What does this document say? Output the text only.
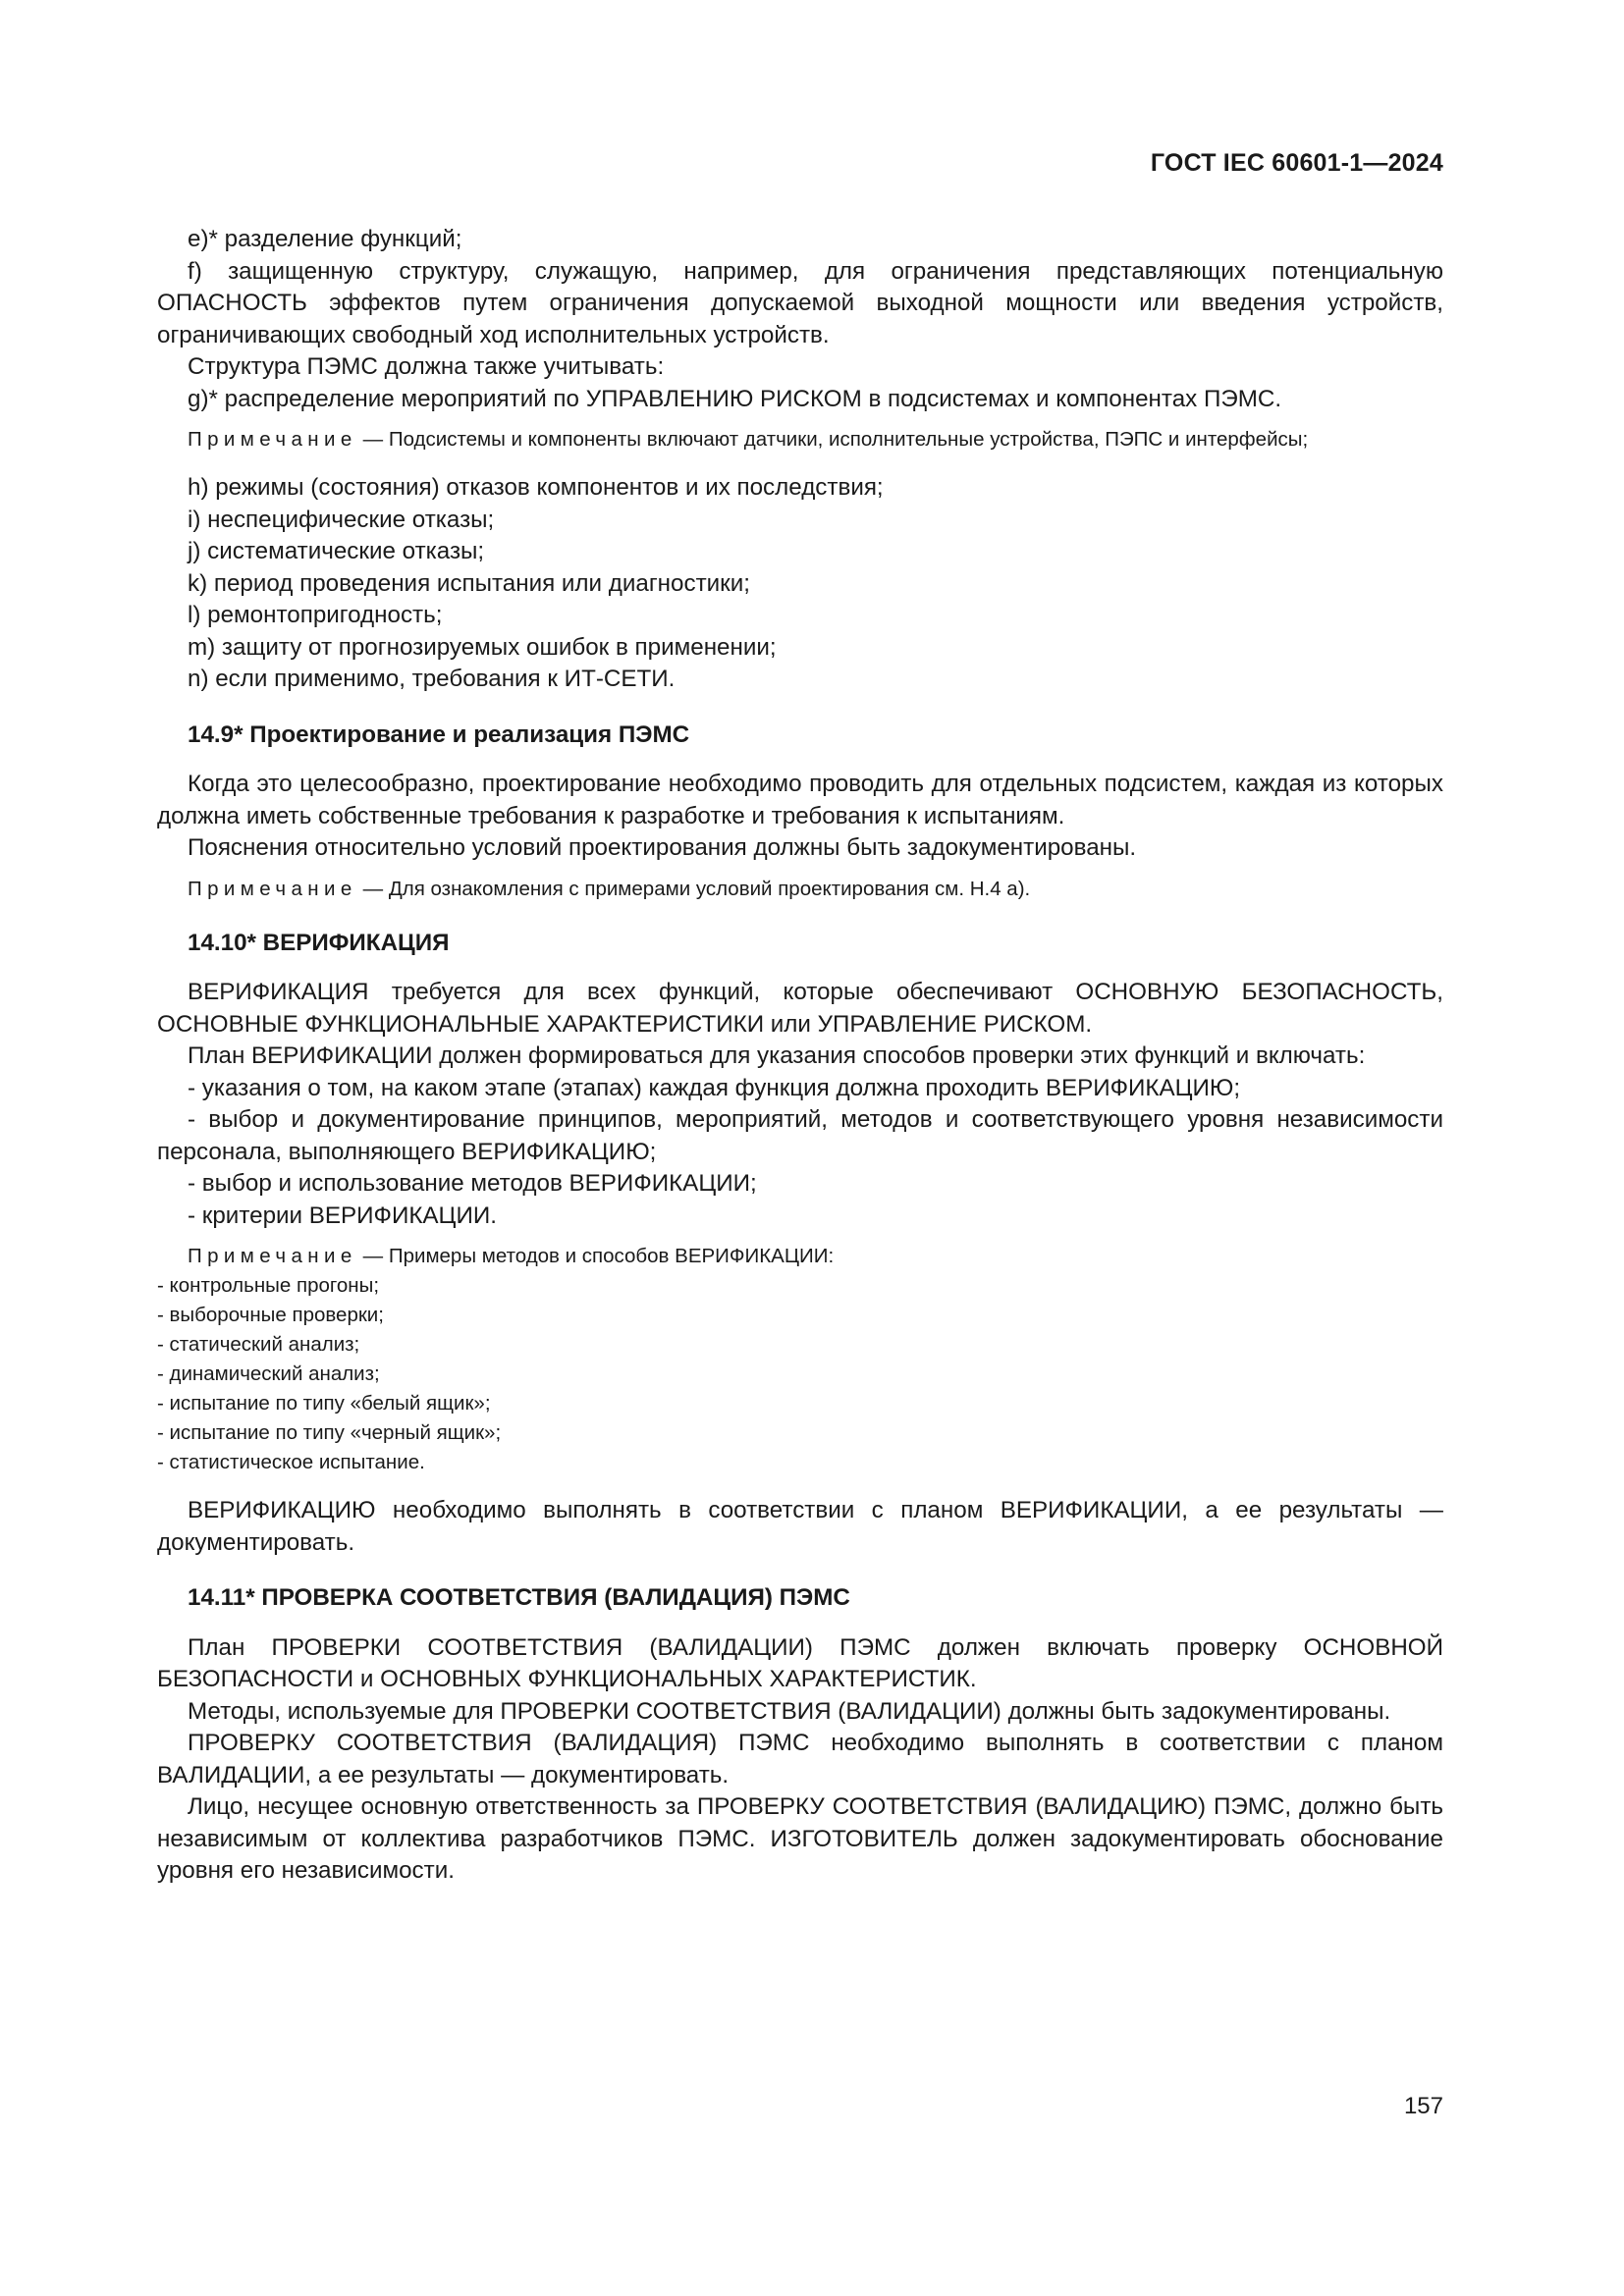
ГОСТ IEC 60601-1—2024

e)* разделение функций;

f) защищенную структуру, служащую, например, для ограничения представляющих потенциальную ОПАСНОСТЬ эффектов путем ограничения допускаемой выходной мощности или введения устройств, ограничивающих свободный ход исполнительных устройств.

Структура ПЭМС должна также учитывать:

g)* распределение мероприятий по УПРАВЛЕНИЮ РИСКОМ в подсистемах и компонентах ПЭМС.

Примечание — Подсистемы и компоненты включают датчики, исполнительные устройства, ПЭПС и интерфейсы;

h) режимы (состояния) отказов компонентов и их последствия;

i) неспецифические отказы;

j) систематические отказы;

k) период проведения испытания или диагностики;

l) ремонтопригодность;

m) защиту от прогнозируемых ошибок в применении;

n) если применимо, требования к ИТ-СЕТИ.

14.9* Проектирование и реализация ПЭМС

Когда это целесообразно, проектирование необходимо проводить для отдельных подсистем, каждая из которых должна иметь собственные требования к разработке и требования к испытаниям.

Пояснения относительно условий проектирования должны быть задокументированы.

Примечание — Для ознакомления с примерами условий проектирования см. Н.4 а).

14.10* ВЕРИФИКАЦИЯ

ВЕРИФИКАЦИЯ требуется для всех функций, которые обеспечивают ОСНОВНУЮ БЕЗОПАСНОСТЬ, ОСНОВНЫЕ ФУНКЦИОНАЛЬНЫЕ ХАРАКТЕРИСТИКИ или УПРАВЛЕНИЕ РИСКОМ.

План ВЕРИФИКАЦИИ должен формироваться для указания способов проверки этих функций и включать:

- указания о том, на каком этапе (этапах) каждая функция должна проходить ВЕРИФИКАЦИЮ;

- выбор и документирование принципов, мероприятий, методов и соответствующего уровня независимости персонала, выполняющего ВЕРИФИКАЦИЮ;

- выбор и использование методов ВЕРИФИКАЦИИ;

- критерии ВЕРИФИКАЦИИ.

Примечание — Примеры методов и способов ВЕРИФИКАЦИИ:

- контрольные прогоны;

- выборочные проверки;

- статический анализ;

- динамический анализ;

- испытание по типу «белый ящик»;

- испытание по типу «черный ящик»;

- статистическое испытание.

ВЕРИФИКАЦИЮ необходимо выполнять в соответствии с планом ВЕРИФИКАЦИИ, а ее результаты — документировать.

14.11* ПРОВЕРКА СООТВЕТСТВИЯ (ВАЛИДАЦИЯ) ПЭМС

План ПРОВЕРКИ СООТВЕТСТВИЯ (ВАЛИДАЦИИ) ПЭМС должен включать проверку ОСНОВНОЙ БЕЗОПАСНОСТИ и ОСНОВНЫХ ФУНКЦИОНАЛЬНЫХ ХАРАКТЕРИСТИК.

Методы, используемые для ПРОВЕРКИ СООТВЕТСТВИЯ (ВАЛИДАЦИИ) должны быть задокументированы.

ПРОВЕРКУ СООТВЕТСТВИЯ (ВАЛИДАЦИЯ) ПЭМС необходимо выполнять в соответствии с планом ВАЛИДАЦИИ, а ее результаты — документировать.

Лицо, несущее основную ответственность за ПРОВЕРКУ СООТВЕТСТВИЯ (ВАЛИДАЦИЮ) ПЭМС, должно быть независимым от коллектива разработчиков ПЭМС. ИЗГОТОВИТЕЛЬ должен задокументировать обоснование уровня его независимости.

157
